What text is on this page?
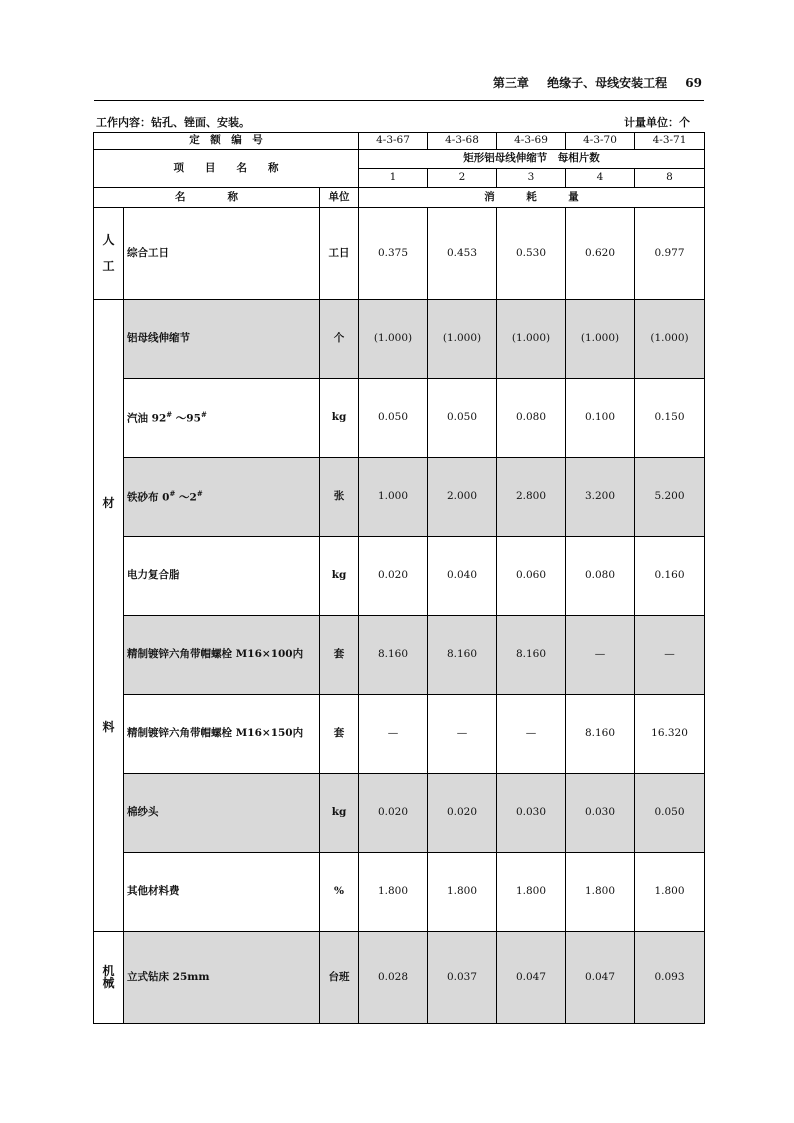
第三章 绝缘子、母线安装工程 69
工作内容：钻孔、锉面、安装。	计量单位：个
定　额　编　号			4-3-67	4-3-68	4-3-69	4-3-70	4-3-71
项　　目　　名　　称			矩形铝母线伸缩节　每相片数				
			1	2	3	4	8
名　　　　称		单位	消　　　耗　　　量				

人
工	综合工日	工日	0.375	0.453	0.530	0.620	0.977

材
料	铝母线伸缩节	个	(1.000)	(1.000)	(1.000)	(1.000)	(1.000)
	汽油 92# ～95#	kg	0.050	0.050	0.080	0.100	0.150
	铁砂布 0# ～2#	张	1.000	2.000	2.800	3.200	5.200
	电力复合脂	kg	0.020	0.040	0.060	0.080	0.160
	精制镀锌六角带帽螺栓 M16×100内	套	8.160	8.160	8.160	—	—
	精制镀锌六角带帽螺栓 M16×150内	套	—	—	—	8.160	16.320
	棉纱头	kg	0.020	0.020	0.030	0.030	0.050
	其他材料费	%	1.800	1.800	1.800	1.800	1.800
机械	立式钻床 25mm	台班	0.028	0.037	0.047	0.047	0.093
